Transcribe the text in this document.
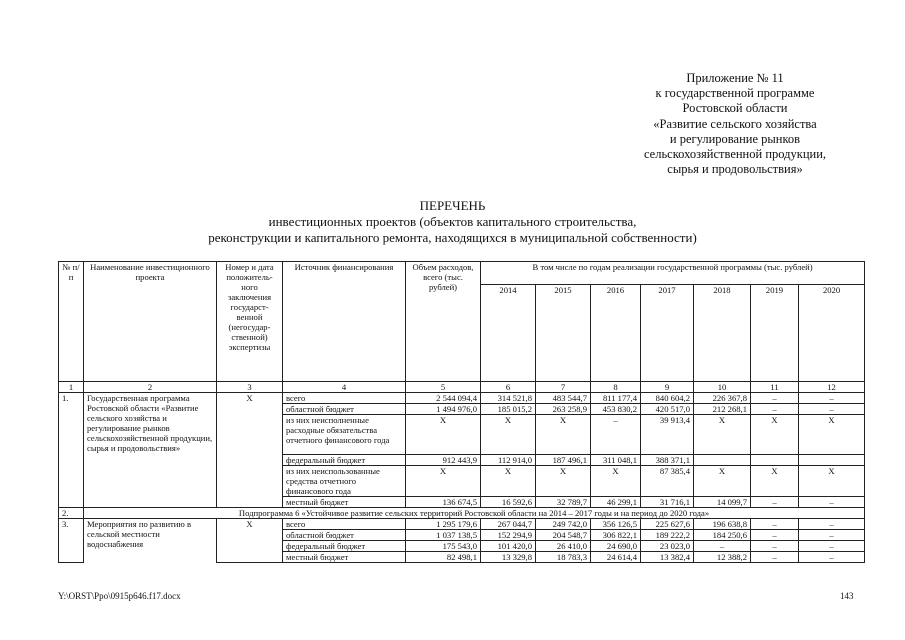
Приложение № 11
к государственной программе
Ростовской области
«Развитие сельского хозяйства
и регулирование рынков
сельскохозяйственной продукции,
сырья и продовольствия»
ПЕРЕЧЕНЬ
инвестиционных проектов (объектов капитального строительства,
реконструкции и капитального ремонта, находящихся в муниципальной собственности)
№ п/п	Наименование инвестиционного проекта	Номер и дата положитель-ного заключения государст-венной (негосудар-ственной) экспертизы	Источник финансирования	Объем расходов, всего (тыс. рублей)	В том числе по годам реализации государственной программы (тыс. рублей)						
					2014	2015	2016	2017	2018	2019	2020
1	2	3	4	5	6	7	8	9	10	11	12
1.	Государственная программа Ростовской области «Развитие сельского хозяйства и регулирование рынков сельскохозяйственной продукции, сырья и продовольствия»	Х	всего	2 544 094,4	314 521,8	483 544,7	811 177,4	840 604,2	226 367,8	–	–
			областной бюджет	1 494 976,0	185 015,2	263 258,9	453 830,2	420 517,0	212 268,1	–	–
			из них неисполненные расходные обязательства отчетного финансового года	Х	Х	Х	–	39 913,4	Х	Х	Х
			федеральный бюджет	912 443,9	112 914,0	187 496,1	311 048,1	388 371,1			
			из них неиспользованные средства отчетного финансового года	Х	Х	Х	Х	87 385,4	Х	Х	Х
			местный бюджет	136 674,5	16 592,6	32 789,7	46 299,1	31 716,1	14 099,7	–	–
2.	Подпрограмма 6 «Устойчивое развитие сельских территорий Ростовской области на 2014 – 2017 годы и на период до 2020 года»										
3.	Мероприятия по развитию в сельской местности водоснабжения	Х	всего	1 295 179,6	267 044,7	249 742,0	356 126,5	225 627,6	196 638,8	–	–
			областной бюджет	1 037 138,5	152 294,9	204 548,7	306 822,1	189 222,2	184 250,6	–	–
			федеральный бюджет	175 543,0	101 420,0	26 410,0	24 690,0	23 023,0	–	–	–
			местный бюджет	82 498,1	13 329,8	18 783,3	24 614,4	13 382,4	12 388,2	–	–
Y:\ORST\Ppo\0915p646.f17.docx	143
